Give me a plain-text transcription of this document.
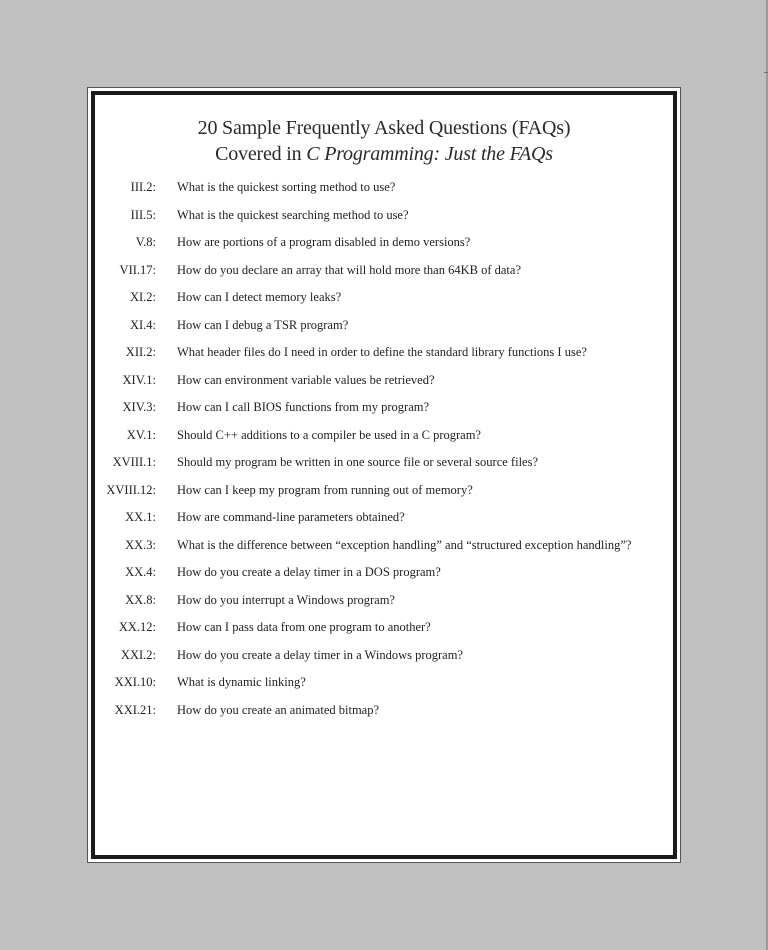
20 Sample Frequently Asked Questions (FAQs)
Covered in C Programming: Just the FAQs
III.2: What is the quickest sorting method to use?
III.5: What is the quickest searching method to use?
V.8: How are portions of a program disabled in demo versions?
VII.17: How do you declare an array that will hold more than 64KB of data?
XI.2: How can I detect memory leaks?
XI.4: How can I debug a TSR program?
XII.2: What header files do I need in order to define the standard library functions I use?
XIV.1: How can environment variable values be retrieved?
XIV.3: How can I call BIOS functions from my program?
XV.1: Should C++ additions to a compiler be used in a C program?
XVIII.1: Should my program be written in one source file or several source files?
XVIII.12: How can I keep my program from running out of memory?
XX.1: How are command-line parameters obtained?
XX.3: What is the difference between “exception handling” and “structured exception handling”?
XX.4: How do you create a delay timer in a DOS program?
XX.8: How do you interrupt a Windows program?
XX.12: How can I pass data from one program to another?
XXI.2: How do you create a delay timer in a Windows program?
XXI.10: What is dynamic linking?
XXI.21: How do you create an animated bitmap?
